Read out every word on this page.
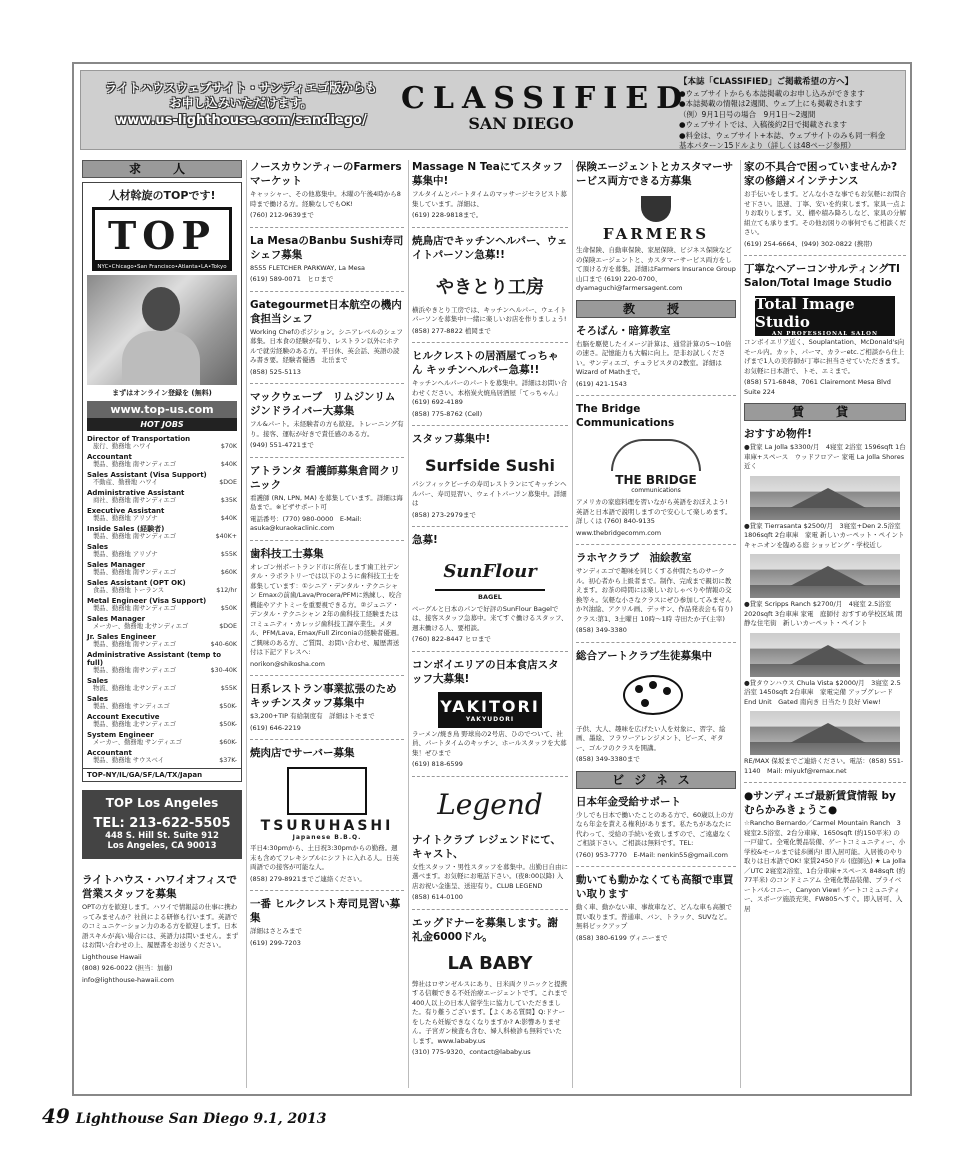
ライトハウスウェブサイト・サンディエゴ版からも
お申し込みいただけます。
www.us-lighthouse.com/sandiego/
CLASSIFIED
SAN DIEGO
【本誌「CLASSIFIED」ご掲載希望の方へ】
●ウェブサイトからも本誌掲載のお申し込みができます
●本誌掲載の情報は2週間、ウェブ上にも掲載されます
（例）9月1日号の場合　9月1日〜2週間
●ウェブサイトでは、入稿後約2日で掲載されます
●料金は、ウェブサイト+本誌、ウェブサイトのみも同一料金
基本パターン15ドルより（詳しくは48ページ参照）
求　人
人材斡旋のTOPです!
TOP
NYC•Chicago•San Francisco•Atlanta•LA•Tokyo
まずはオンライン登録を (無料)
www.top-us.com
HOT JOBS
Director of Transportation
旅行、勤務地 ハワイ	$70K
Accountant
製品、勤務地 南サンディエゴ	$40K
Sales Assistant (Visa Support)
不動産、勤務地 ハワイ	$DOE
Administrative Assistant
商社、勤務地 南サンディエゴ	$35K
Executive Assistant
製品、勤務地 アリゾナ	$40K
Inside Sales (経験者)
製品、勤務地 南サンディエゴ	$40K+
Sales
製品、勤務地 アリゾナ	$55K
Sales Manager
製品、勤務地 南サンディエゴ	$60K
Sales Assistant (OPT OK)
食品、勤務地 トーランス	$12/hr
Metal Engineer (Visa Support)
製品、勤務地 南サンディエゴ	$50K
Sales Manager
メーカー、勤務地 北サンディエゴ	$DOE
Jr. Sales Engineer
製品、勤務地 南サンディエゴ	$40-60K
Administrative Assistant (temp to full)
製品、勤務地 南サンディエゴ	$30-40K
Sales
物流、勤務地 北サンディエゴ	$55K
Sales
製品、勤務地 サンディエゴ	$50K-
Account Executive
製品、勤務地 北サンディエゴ	$50K-
System Engineer
メーカー、勤務地 サンディエゴ	$60K-
Accountant
製品、勤務地 サウスベイ	$37K-
TOP-NY/IL/GA/SF/LA/TX/Japan
TOP Los Angeles
TEL: 213-622-5505
448 S. Hill St. Suite 912
Los Angeles, CA 90013
ライトハウス・ハワイオフィスで営業スタッフを募集
OPTの方を歓迎します。ハワイで情報誌の仕事に携わってみませんか？社員による研修も行います。英語でのコミュニケーション力のある方を歓迎します。日本語スキルが高い場合には、英語力は問いません。まずはお問い合わせの上、履歴書をお送りください。
Lighthouse Hawaii
(808) 926-0022 (担当：加藤)
info@lighthouse-hawaii.com
ノースカウンティーのFarmersマーケット
キャッシャー、その他募集中。木曜の午後4時から8時まで働ける方。経験なしでもOK!
(760) 212-9639まで
La MesaのBanbu Sushi寿司シェフ募集
8555 FLETCHER PARKWAY, La Mesa
(619) 589-0071　ヒロまで
Gategourmet日本航空の機内食担当シェフ
Working Chefのポジション。シニアレベルのシェフ募集。日本食の経験が有り、レストラン以外にホテルで就労経験のある方。平日休、英会話、英語の読み書き要。経験者優遇　北岳まで
(858) 525-5113
マックウェーブ　リムジンリムジンドライバー大募集
フル&パート。未経験者の方も歓迎。トレーニング有り。接客、運転が好きで責任感のある方。
(949) 551-4721まで
アトランタ 看護師募集倉岡クリニック
看護師 (RN, LPN, MA) を募集しています。詳細は海島まで。※ビザサポート可
電話番号：(770) 980-0000　E-Mail: asuka@kuraokaclinic.com
歯科技工士募集
オレゴン州ポートランド市に所在します歯工社デンタル・ラボラトリーでは以下のように歯科技工士を募集しています：①シニア・デンタル・テクニシャン Emaxの前歯/Lava/Procera/PFMに熟練し、咬合機能やアナトミーを重要視できる方。②ジュニア・デンタル・テクニシャン 2年の歯科技工経験またはコミュニティ・カレッジ歯科技工課卒業生。メタル、PFM/Lava, Emax/Full Zirconiaの経験者優遇。ご興味のある方、ご質問、お問い合わせ、履歴書送付は下記アドレスへ:
norikon@shikosha.com
日系レストラン事業拡張のためキッチンスタッフ募集中
$3,200+TIP 有給制度有　詳細はトモまで
(619) 646-2219
焼肉店でサーバー募集
TSURUHASHI
Japanese B.B.Q.
平日4:30pmから、土日祝3:30pmからの勤務。週末も含めてフレキシブルにシフトに入れる人。日英両語での接客が可能な人。
(858) 279-8921までご連絡ください。
一番 ヒルクレスト寿司見習い募集
詳細はさとみまで
(619) 299-7203
Massage N Teaにてスタッフ募集中!
フルタイムとパートタイムのマッサージセラピスト募集しています。詳細は、
(619) 228-9818まで。
焼鳥店でキッチンヘルパー、ウェイトパーソン急募!!
やきとり工房
横浜やきとり工房では、キッチンヘルパー、ウェイトパーソンを募集中!一緒に楽しいお店を作りましょう!
(858) 277-8822 植岡まで
ヒルクレストの居酒屋てっちゃん キッチンヘルパー急募!!
キッチンヘルパーのパートを募集中。詳細はお問い合わせください。本格炭火焼鳥居酒屋「てっちゃん」(619) 692-4189
(858) 775-8762 (Cell)
スタッフ募集中!
Surfside Sushi
パシフィックビーチの寿司レストランにてキッチンヘルパー、寿司見習い、ウェイトパーソン募集中。詳細は
(858) 273-2979まで
急募!
SunFlour
BAGEL
ベーグルと日本のパンで好評のSunFlour Bagelでは、接客スタッフ急募中。来てすぐ働けるスタッフ、週末働ける人、要相談。
(760) 822-8447 ヒロまで
コンボイエリアの日本食店スタッフ大募集!
YAKITORI
YAKYUDORI
ラーメン/焼き鳥 野球鳥の2号店、ひのでついて、社員、パートタイムのキッチン、ホールスタッフを大募集！ぜひまで
(619) 818-6599
Legend
ナイトクラブ レジェンドにて、キャスト、
女性スタッフ・男性スタッフを募集中。出勤日自由に選べます。お気軽にお電話下さい。(夜8:00以降) 入店お祝い金進呈、送迎有り。CLUB LEGEND
(858) 614-0100
エッグドナーを募集します。謝礼金6000ドル。
LA BABY
弊社はロサンゼルスにあり、日米両クリニックと提携する信頼できる不妊治療エージェントです。これまで400人以上の日本人留学生に協力していただきました。有り難うございます。【よくある質問】Q:ドナーをしたら妊娠できなくなりますか? A:影響ありません。子宮ガン検査も含む、婦人科検診も無料でいたします。www.lababy.us
(310) 775-9320、contact@lababy.us
保険エージェントとカスタマーサービス両方できる方募集
FARMERS
生命保険、自動車保険、家屋保険、ビジネス保険などの保険エージェントと、カスタマーサービス両方をして頂ける方を募集。詳細はFarmers Insurance Group山口まで (619) 220-0700、dyamaguchi@farmersagent.com
教　授
そろばん・暗算教室
右脳を駆使したイメージ計算は、通常計算の5〜10倍の速さ。記憶能力も大幅に向上。是非お試しください。サンディエゴ、チュラビスタの2教室。詳細はWizard of Mathまで。
(619) 421-1543
The Bridge Communications
THE BRIDGE
communications
アメリカの家庭料理を習いながら英語をおぼえよう! 英語と日本語で説明しますので安心して楽しめます。詳しくは (760) 840-9135
www.thebridgecomm.com
ラホヤクラブ　油絵教室
サンディエゴで趣味を同じくする仲間たちのサークル。初心者から上級者まで。制作、完成まで親切に教えます。お茶の時間には楽しいおしゃべりや情報の交換等々。気軽な小さなクラスにぜひ参加してみませんか?(油絵、アクリル画、デッサン、作品発表会も有り) クラス:第1、3土曜日 10時〜1時 寺田たか子(主宰)
(858) 349-3380
総合アートクラブ生徒募集中
子供、大人、趣味を広げたい人を対象に、習字、絵画、墨絵、フラワーアレンジメント、ビーズ、ギター、ゴルフのクラスを開講。
(858) 349-3380まで
ビジネス
日本年金受給サポート
少しでも日本で働いたことのある方で、60歳以上の方なら年金を貰える権利があります。私たちがあなたに代わって、受給の手続いを致しますので、ご遠慮なくご相談下さい。ご相談は無料です。TEL:
(760) 953-7770　E-Mail: nenkin55@gmail.com
動いても動かなくても高額で車買い取ります
動く車、動かない車、事故車など、どんな車も高額で買い取ります。普通車、バン、トラック、SUVなど。無料ピックアップ
(858) 380-6199 ヴィニーまで
家の不具合で困っていませんか?家の修繕メインテナンス
お手伝いをします。どんな小さな事でもお気軽にお問合せ下さい。迅速、丁寧、安いを約束します。家具一点よりお取りします。又、棚や積み降ろしなど、家具の分解組立ても承ります。その他お困りの事何でもご相談ください。
(619) 254-6664、(949) 302-0822 (携帯)
丁寧なヘアーコンサルティングTI Salon/Total Image Studio
Total Image Studio
AN PROFESSIONAL SALON
コンボイエリア近く、Souplantation、McDonald's向モール内。カット、パーマ、カラーetc.ご相談から仕上げまで1人の美容師が丁寧に担当させていただきます。お気軽に日本語で、トモ、エミまで。
(858) 571-6848、7061 Clairemont Mesa Blvd Suite 224
賃　貸
おすすめ物件!
●貸家 La Jolla $3300/月　4寝室 2浴室 1596sqft 1台車庫+スペース　ウッドフロアー 家電 La Jolla Shores近く
●貸家 Tierrasanta $2500/月　3寝室+Den 2.5浴室 1806sqft 2台車庫　家電 新しいカーペット・ペイント　キャニオンを臨める庭 ショッピング・学校近し
●貸家 Scripps Ranch $2700/月　4寝室 2.5浴室 2020sqft 3台車庫 家電　庭師付 おすすめ学校区域 閑静な住宅街　新しいカーペット・ペイント
●貸タウンハウス Chula Vista $2000/月　3寝室 2.5浴室 1450sqft 2台車庫　家電完備 アップグレード End Unit　Gated 南向き 日当たり良好 View!
RE/MAX 保坂までご連絡ください。電話：(858) 551-1140　Mail: miyukf@remax.net
●サンディエゴ最新賃貸情報 by むらかみきょうこ●
☆Rancho Bernardo／Carmel Mountain Ranch　3寝室2.5浴室、2台分車庫、1650sqft (約150平米) の一戸建て。全電化製品装備、ゲートコミュニティー、小学校&モールまで徒歩圏内! 即入居可能。入居後のやり取りは日本語でOK! 家賃2450ドル (庭師込) ★ La Jolla／UTC 2寝室2浴室、1台分車庫+スペース 848sqft (約77平米) のコンドミニアム 全電化製品装備、プライベートバルコニー、Canyon View! ゲートコミュニティー、スポーツ施設充実、FW805へすぐ。即入居可、入居
49 Lighthouse San Diego 9.1, 2013
